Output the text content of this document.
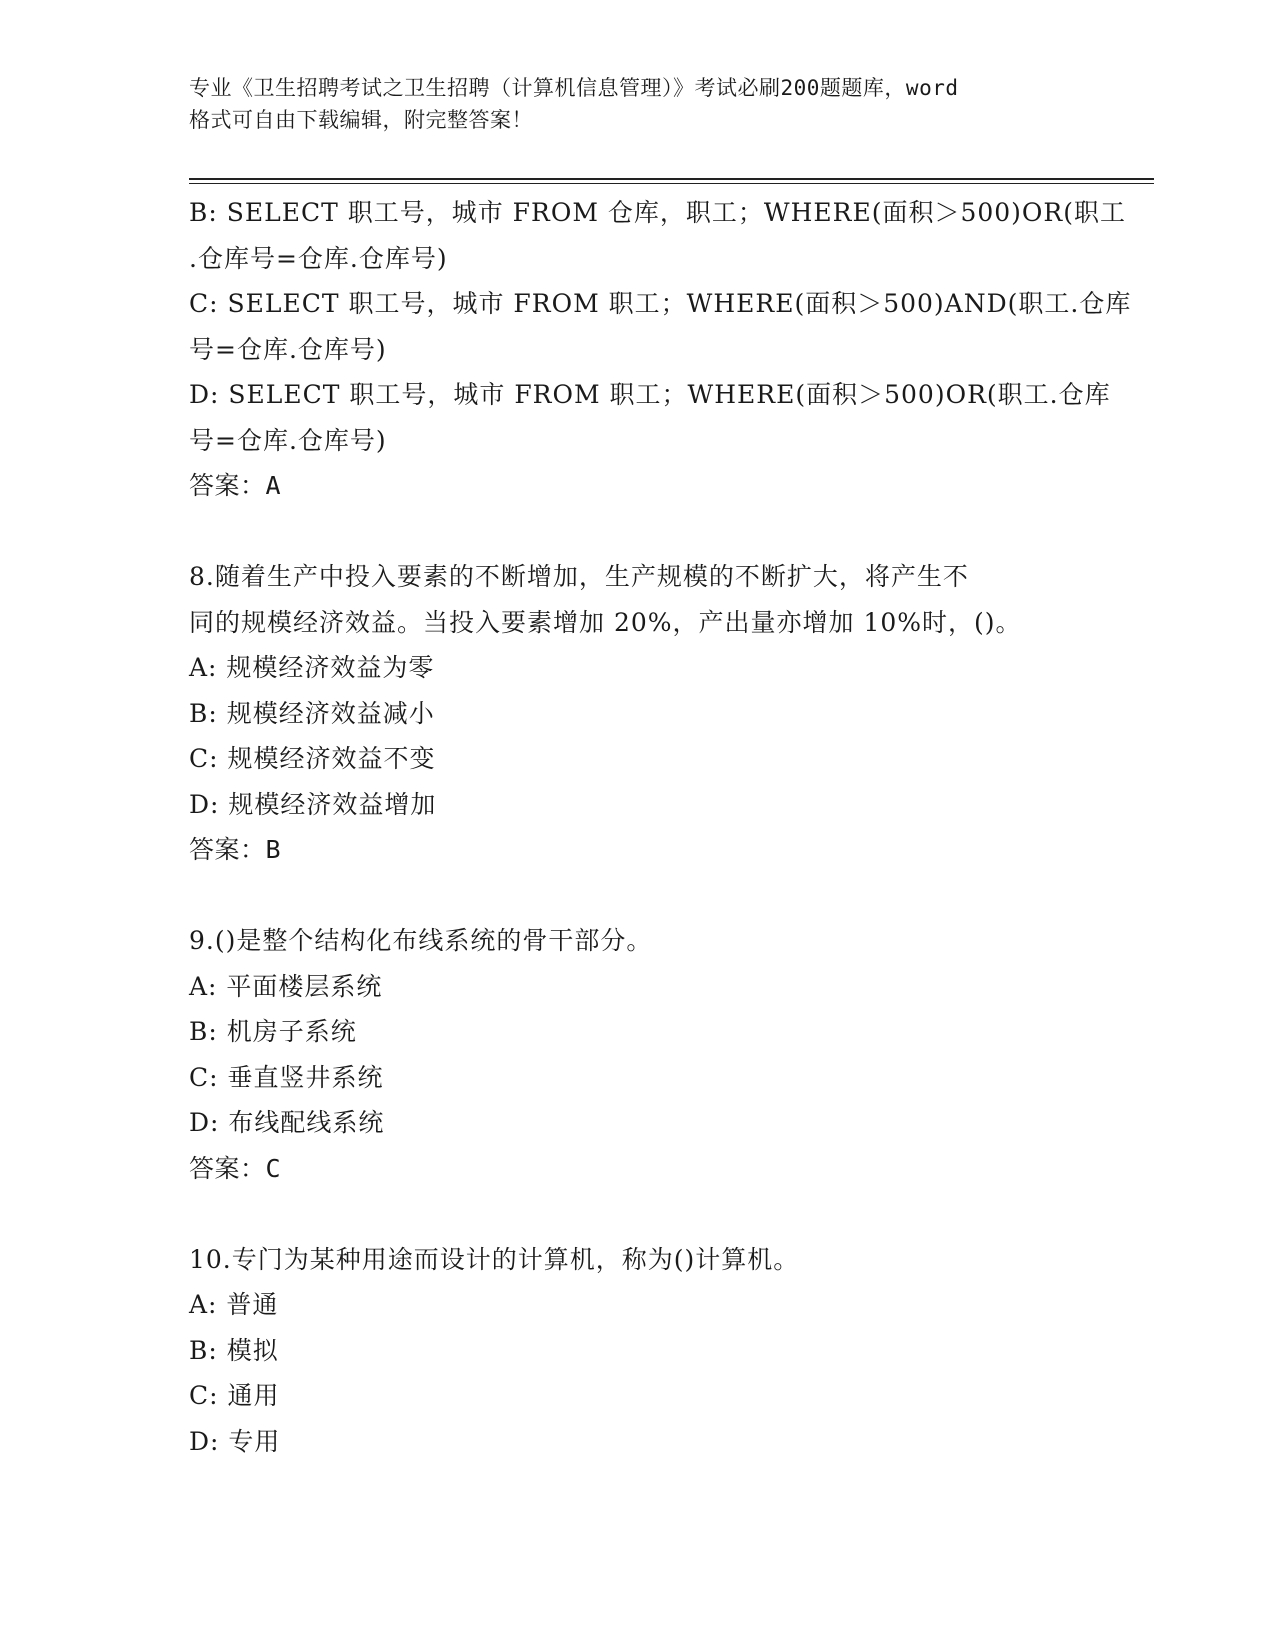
专业《卫生招聘考试之卫生招聘（计算机信息管理）》考试必刷200题题库，word
格式可自由下载编辑，附完整答案！
B: SELECT 职工号，城市 FROM 仓库，职工；WHERE(面积＞500)OR(职工
.仓库号=仓库.仓库号)
C: SELECT 职工号，城市 FROM 职工；WHERE(面积＞500)AND(职工.仓库
号=仓库.仓库号)
D: SELECT 职工号，城市 FROM 职工；WHERE(面积＞500)OR(职工.仓库
号=仓库.仓库号)
答案：A
8.随着生产中投入要素的不断增加，生产规模的不断扩大，将产生不
同的规模经济效益。当投入要素增加 20%，产出量亦增加 10%时，()。
A: 规模经济效益为零
B: 规模经济效益减小
C: 规模经济效益不变
D: 规模经济效益增加
答案：B
9.()是整个结构化布线系统的骨干部分。
A: 平面楼层系统
B: 机房子系统
C: 垂直竖井系统
D: 布线配线系统
答案：C
10.专门为某种用途而设计的计算机，称为()计算机。
A: 普通
B: 模拟
C: 通用
D: 专用
